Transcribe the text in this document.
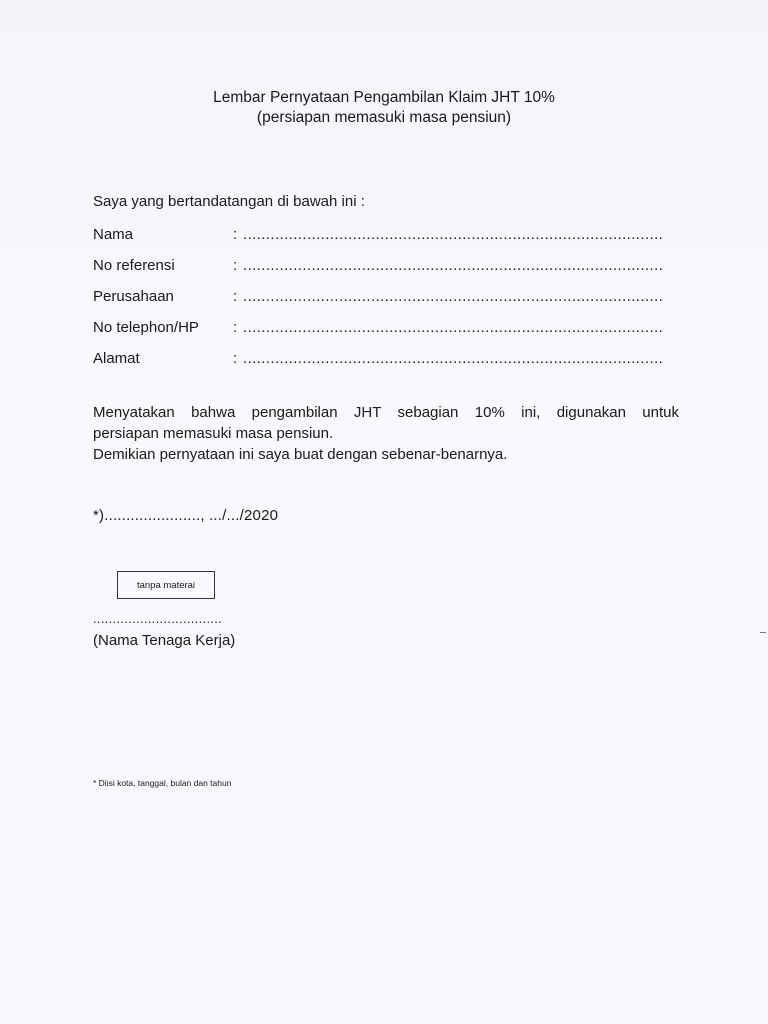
Lembar Pernyataan Pengambilan Klaim JHT 10%
(persiapan memasuki masa pensiun)
Saya yang bertandatangan di bawah ini :
Nama	: ............................................................................................
No referensi	: ............................................................................................
Perusahaan	: ............................................................................................
No telephon/HP	: ............................................................................................
Alamat	: ............................................................................................
Menyatakan bahwa pengambilan JHT sebagian 10% ini, digunakan untuk
persiapan memasuki masa pensiun.
Demikian pernyataan ini saya buat dengan sebenar-benarnya.
*)......................, .../.../2020
tanpa materai
.................................
(Nama Tenaga Kerja)
* Diisi kota, tanggal, bulan dan tahun
